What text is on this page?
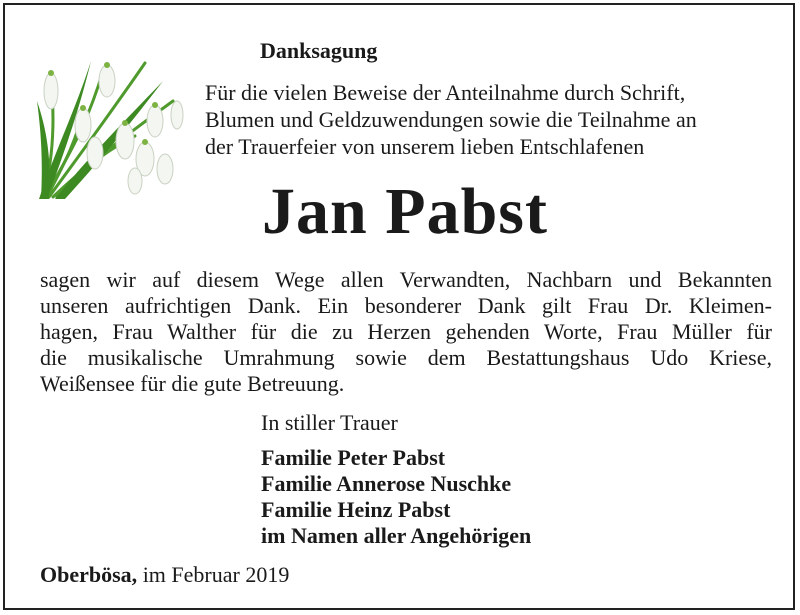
Danksagung
Für die vielen Beweise der Anteilnahme durch Schrift,
Blumen und Geldzuwendungen sowie die Teilnahme an
der Trauerfeier von unserem lieben Entschlafenen
Jan Pabst
sagen wir auf diesem Wege allen Verwandten, Nachbarn und Bekannten
unseren aufrichtigen Dank. Ein besonderer Dank gilt Frau Dr. Kleimen-
hagen, Frau Walther für die zu Herzen gehenden Worte, Frau Müller für
die musikalische Umrahmung sowie dem Bestattungshaus Udo Kriese,
Weißensee für die gute Betreuung.
In stiller Trauer
Familie Peter Pabst
Familie Annerose Nuschke
Familie Heinz Pabst
im Namen aller Angehörigen
Oberbösa, im Februar 2019
